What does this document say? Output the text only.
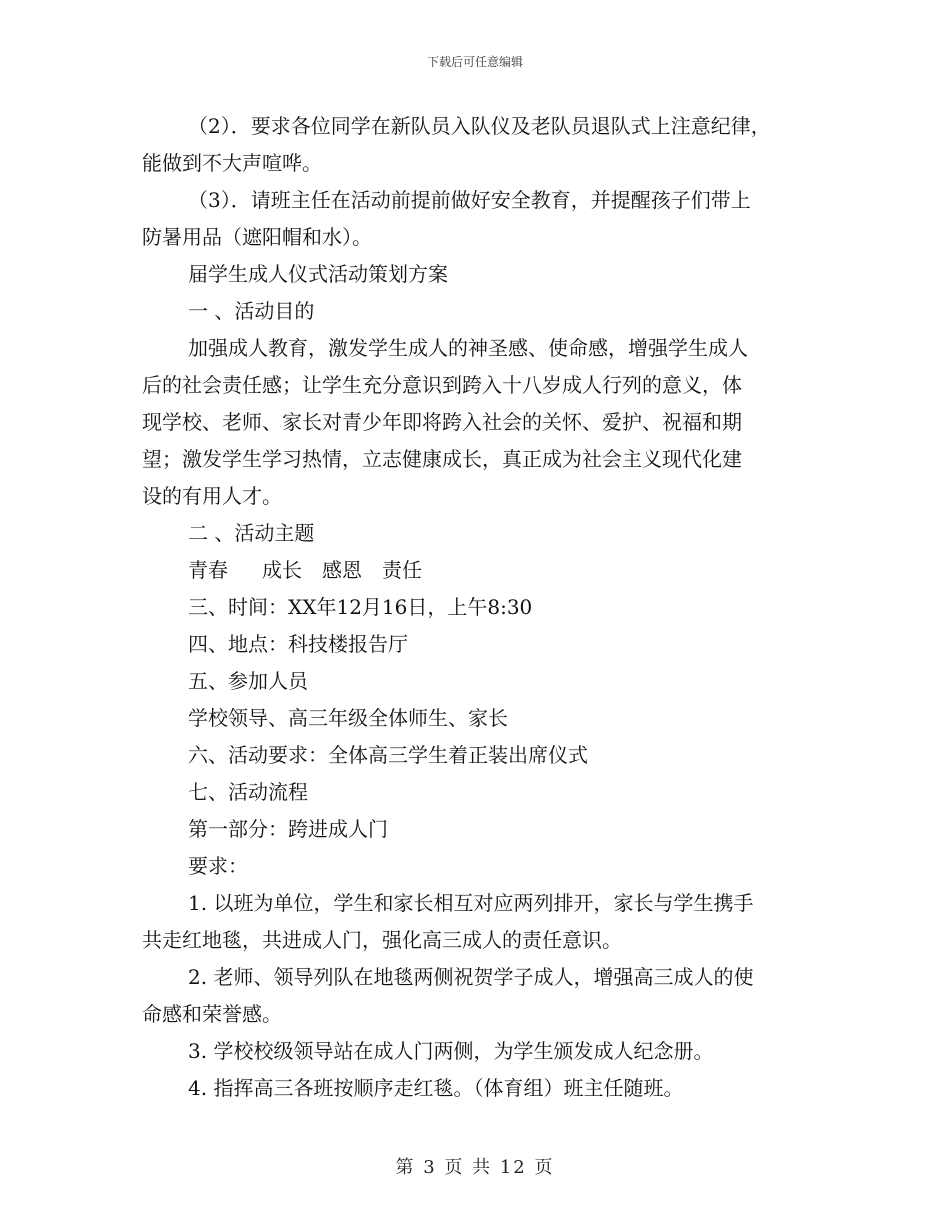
下载后可任意编辑
（2）．要求各位同学在新队员入队仪及老队员退队式上注意纪律，
能做到不大声喧哗。
（3）．请班主任在活动前提前做好安全教育，并提醒孩子们带上
防暑用品（遮阳帽和水）。
届学生成人仪式活动策划方案
一 、活动目的
加强成人教育，激发学生成人的神圣感、使命感，增强学生成人
后的社会责任感；让学生充分意识到跨入十八岁成人行列的意义，体
现学校、老师、家长对青少年即将跨入社会的关怀、爱护、祝福和期
望；激发学生学习热情，立志健康成长，真正成为社会主义现代化建
设的有用人才。
二 、活动主题
青春 成长 感恩 责任
三、时间：XX年12月16日，上午8:30
四、地点：科技楼报告厅
五、参加人员
学校领导、高三年级全体师生、家长
六、活动要求：全体高三学生着正装出席仪式
七、活动流程
第一部分：跨进成人门
要求：
1. 以班为单位，学生和家长相互对应两列排开，家长与学生携手
共走红地毯，共进成人门，强化高三成人的责任意识。
2. 老师、领导列队在地毯两侧祝贺学子成人，增强高三成人的使
命感和荣誉感。
3. 学校校级领导站在成人门两侧，为学生颁发成人纪念册。
4. 指挥高三各班按顺序走红毯。（体育组）班主任随班。
第 3 页 共 12 页
